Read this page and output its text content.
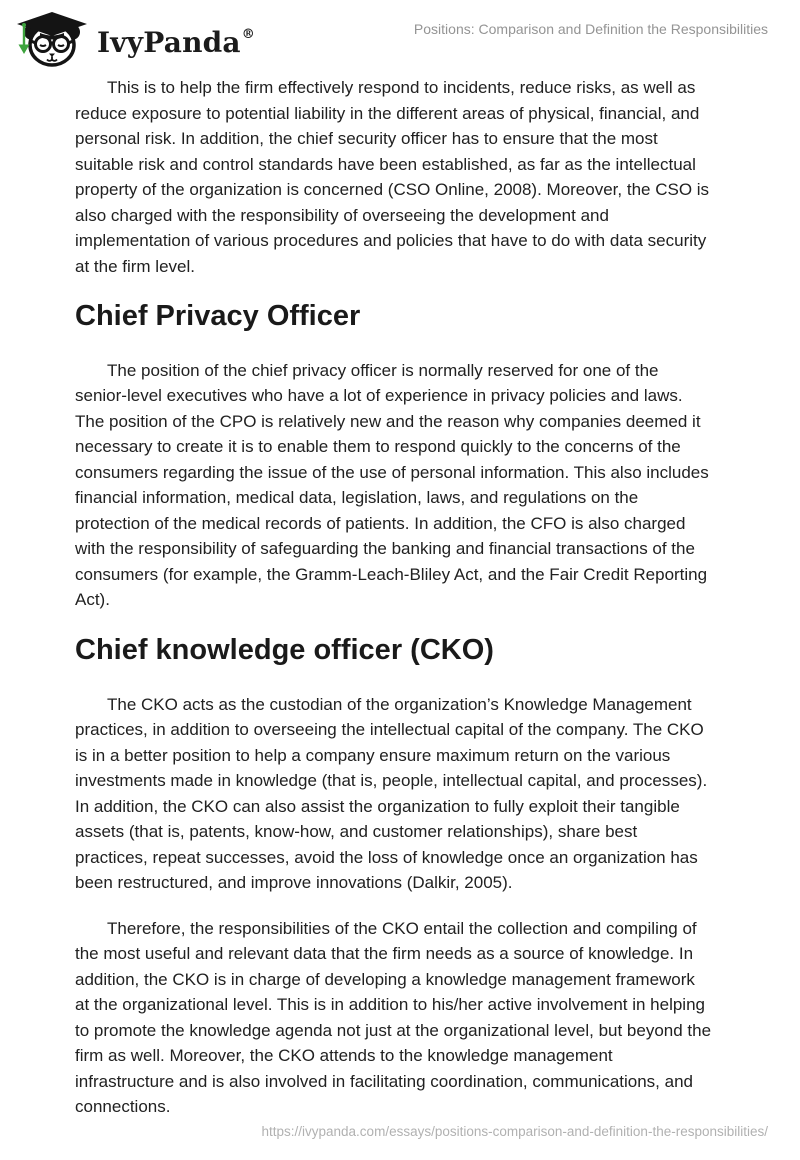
IvyPanda®	Positions: Comparison and Definition the Responsibilities

This is to help the firm effectively respond to incidents, reduce risks, as well as reduce exposure to potential liability in the different areas of physical, financial, and personal risk. In addition, the chief security officer has to ensure that the most suitable risk and control standards have been established, as far as the intellectual property of the organization is concerned (CSO Online, 2008). Moreover, the CSO is also charged with the responsibility of overseeing the development and implementation of various procedures and policies that have to do with data security at the firm level.

Chief Privacy Officer

The position of the chief privacy officer is normally reserved for one of the senior-level executives who have a lot of experience in privacy policies and laws. The position of the CPO is relatively new and the reason why companies deemed it necessary to create it is to enable them to respond quickly to the concerns of the consumers regarding the issue of the use of personal information. This also includes financial information, medical data, legislation, laws, and regulations on the protection of the medical records of patients. In addition, the CFO is also charged with the responsibility of safeguarding the banking and financial transactions of the consumers (for example, the Gramm-Leach-Bliley Act, and the Fair Credit Reporting Act).

Chief knowledge officer (CKO)

The CKO acts as the custodian of the organization’s Knowledge Management practices, in addition to overseeing the intellectual capital of the company. The CKO is in a better position to help a company ensure maximum return on the various investments made in knowledge (that is, people, intellectual capital, and processes). In addition, the CKO can also assist the organization to fully exploit their tangible assets (that is, patents, know-how, and customer relationships), share best practices, repeat successes, avoid the loss of knowledge once an organization has been restructured, and improve innovations (Dalkir, 2005).

Therefore, the responsibilities of the CKO entail the collection and compiling of the most useful and relevant data that the firm needs as a source of knowledge. In addition, the CKO is in charge of developing a knowledge management framework at the organizational level. This is in addition to his/her active involvement in helping to promote the knowledge agenda not just at the organizational level, but beyond the firm as well. Moreover, the CKO attends to the knowledge management infrastructure and is also involved in facilitating coordination, communications, and connections.

https://ivypanda.com/essays/positions-comparison-and-definition-the-responsibilities/
